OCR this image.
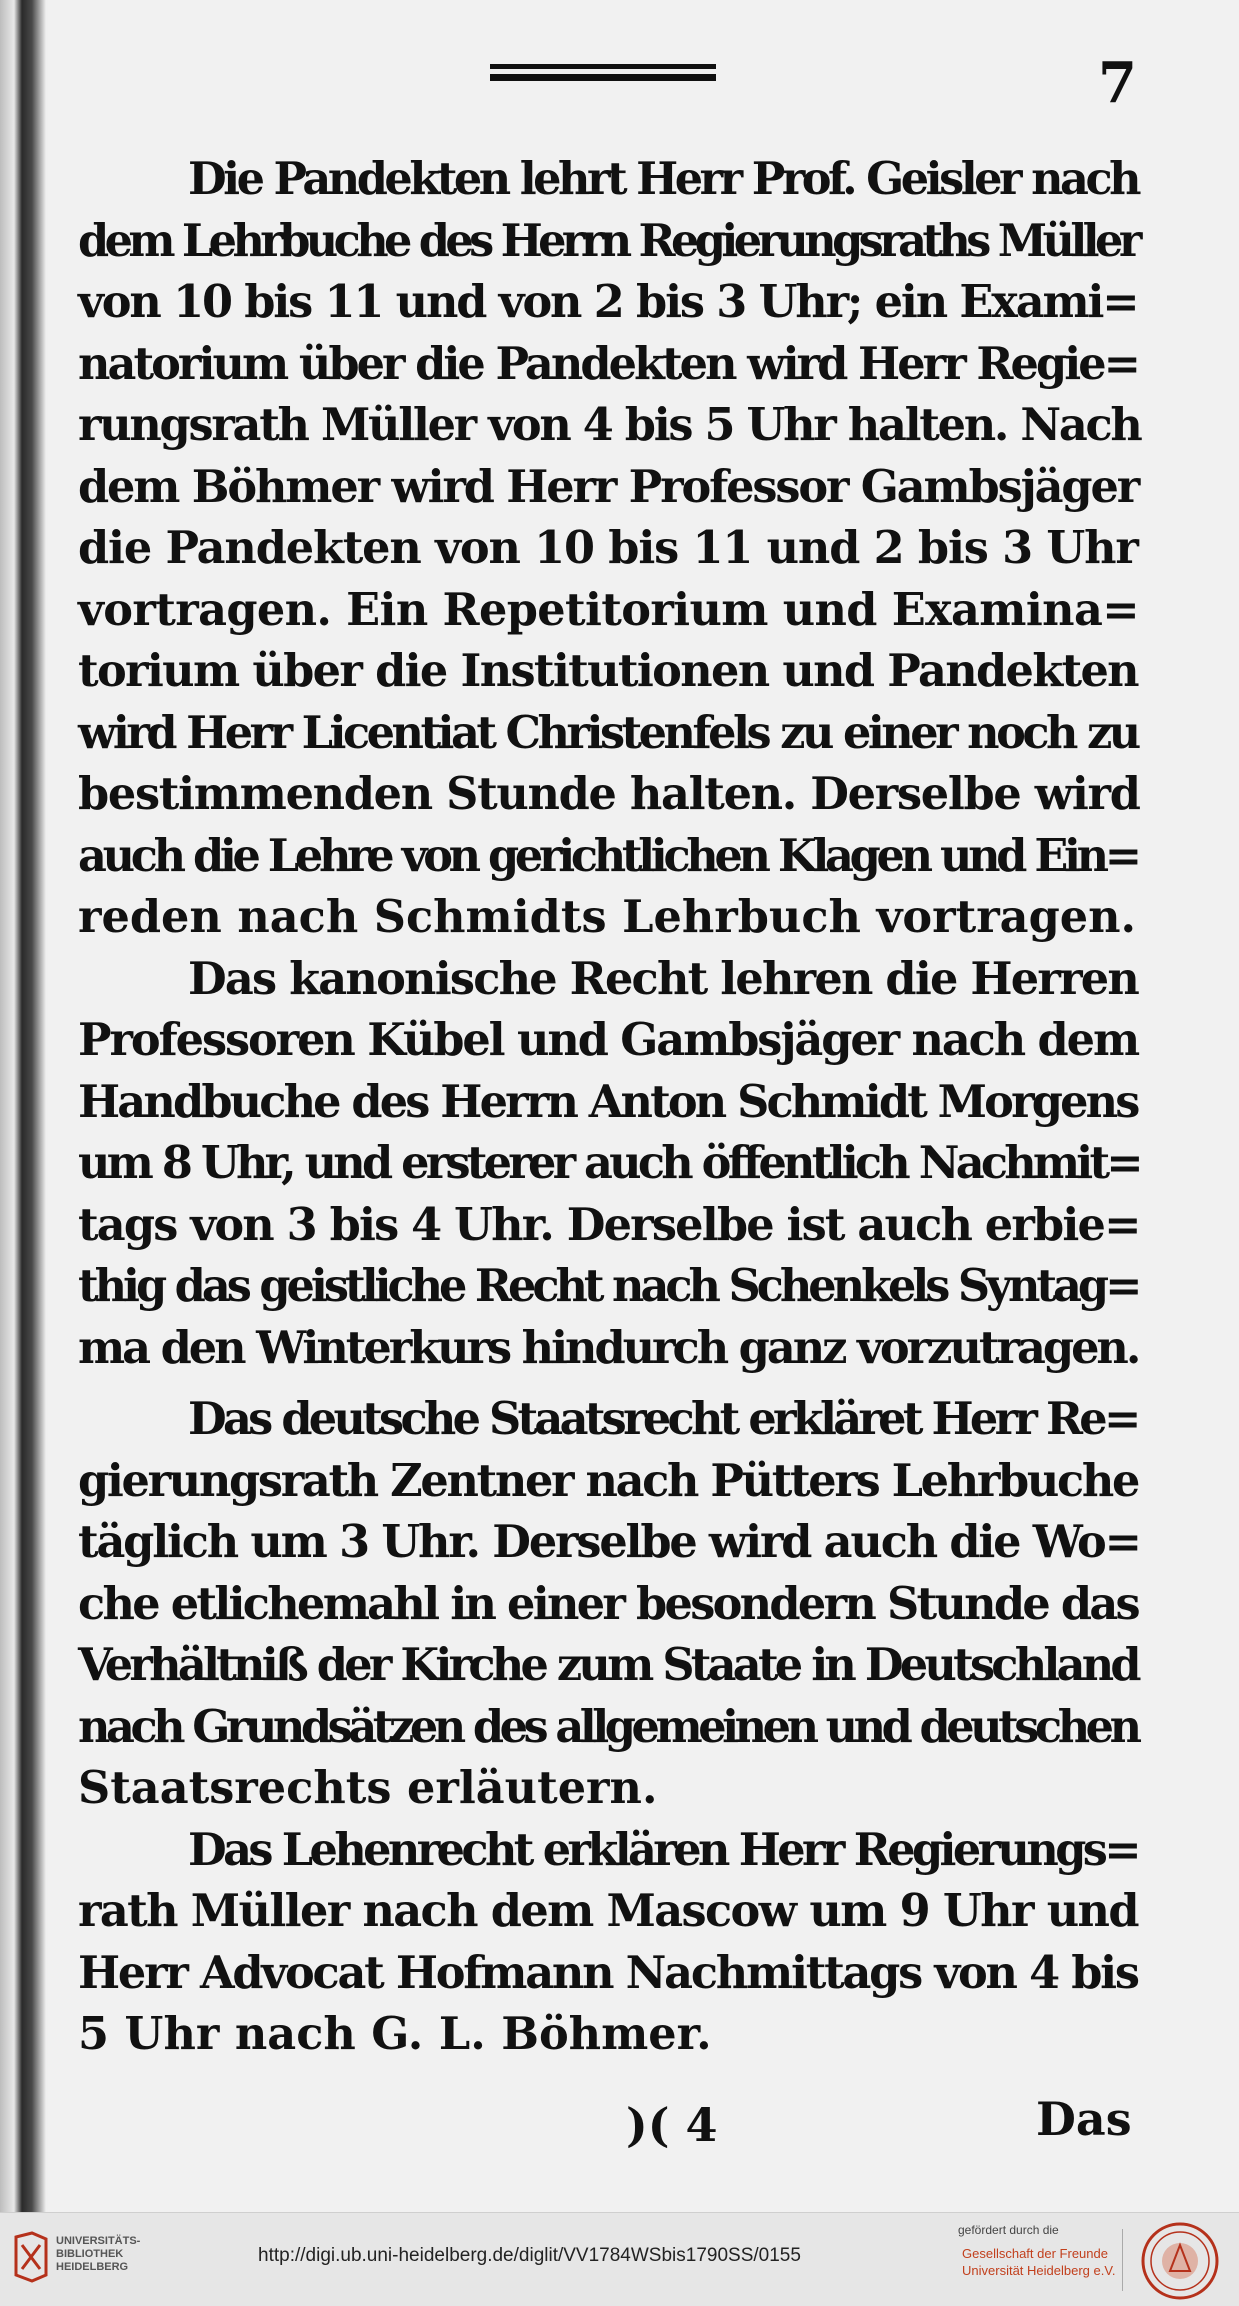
7
Die Pandekten lehrt Herr Prof. Geisler nach
dem Lehrbuche des Herrn Regierungsraths Müller
von 10 bis 11 und von 2 bis 3 Uhr; ein Exami=
natorium über die Pandekten wird Herr Regie=
rungsrath Müller von 4 bis 5 Uhr halten. Nach
dem Böhmer wird Herr Professor Gambsjäger
die Pandekten von 10 bis 11 und 2 bis 3 Uhr
vortragen. Ein Repetitorium und Examina=
torium über die Institutionen und Pandekten
wird Herr Licentiat Christenfels zu einer noch zu
bestimmenden Stunde halten. Derselbe wird
auch die Lehre von gerichtlichen Klagen und Ein=
reden nach Schmidts Lehrbuch vortragen.
Das kanonische Recht lehren die Herren
Professoren Kübel und Gambsjäger nach dem
Handbuche des Herrn Anton Schmidt Morgens
um 8 Uhr, und ersterer auch öffentlich Nachmit=
tags von 3 bis 4 Uhr. Derselbe ist auch erbie=
thig das geistliche Recht nach Schenkels Syntag=
ma den Winterkurs hindurch ganz vorzutragen.
Das deutsche Staatsrecht erkläret Herr Re=
gierungsrath Zentner nach Pütters Lehrbuche
täglich um 3 Uhr. Derselbe wird auch die Wo=
che etlichemahl in einer besondern Stunde das
Verhältniß der Kirche zum Staate in Deutschland
nach Grundsätzen des allgemeinen und deutschen
Staatsrechts erläutern.
Das Lehenrecht erklären Herr Regierungs=
rath Müller nach dem Mascow um 9 Uhr und
Herr Advocat Hofmann Nachmittags von 4 bis
5 Uhr nach G. L. Böhmer.
)( 4	Das
UNIVERSITÄTS-
BIBLIOTHEK
HEIDELBERG
http://digi.ub.uni-heidelberg.de/diglit/VV1784WSbis1790SS/0155
gefördert durch die
Gesellschaft der Freunde
Universität Heidelberg e.V.
